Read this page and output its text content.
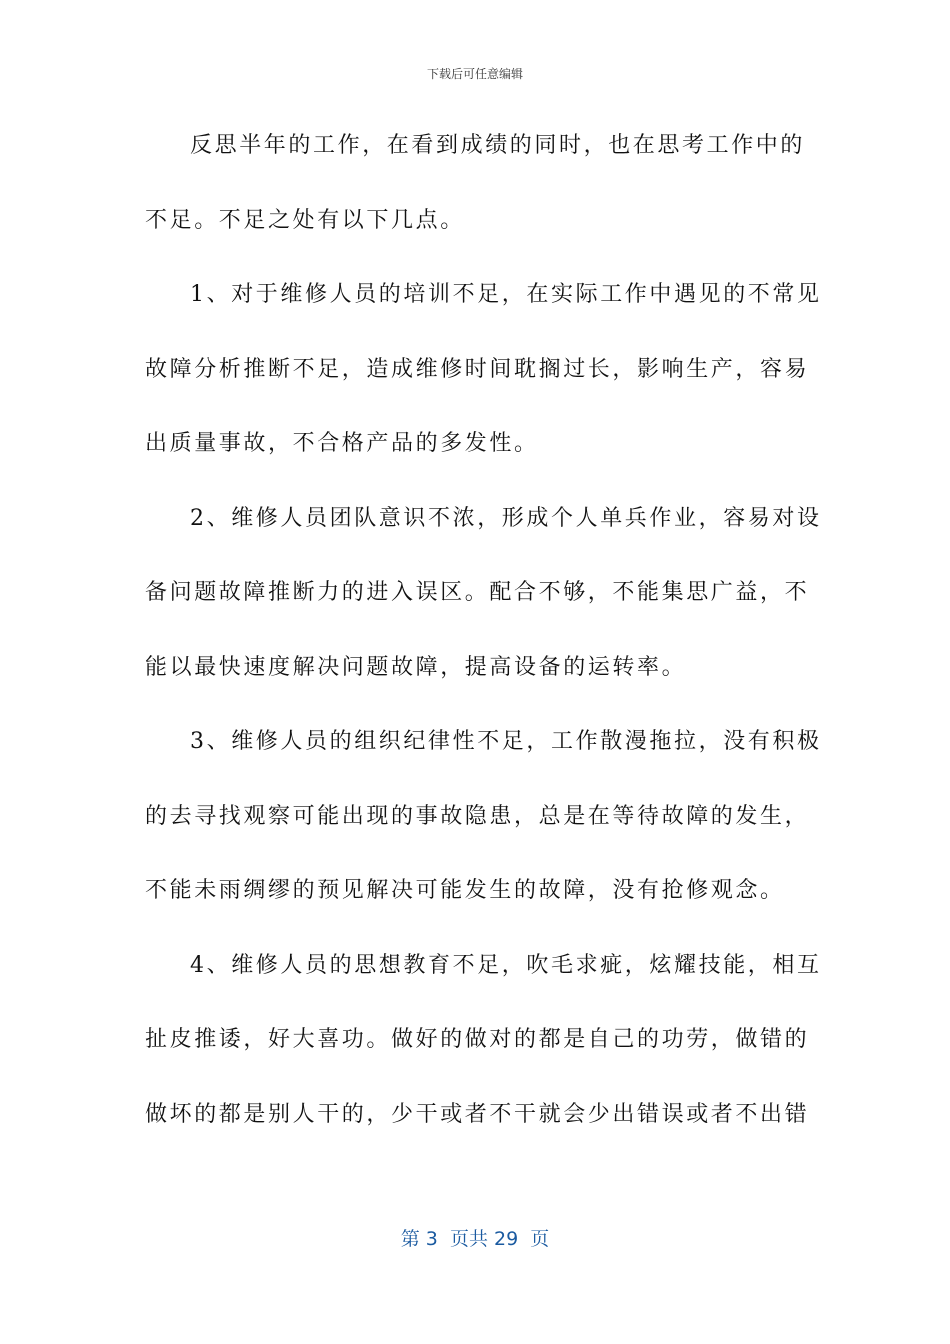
下载后可任意编辑
反思半年的工作，在看到成绩的同时，也在思考工作中的
不足。不足之处有以下几点。
1、对于维修人员的培训不足，在实际工作中遇见的不常见
故障分析推断不足，造成维修时间耽搁过长，影响生产，容易
出质量事故，不合格产品的多发性。
2、维修人员团队意识不浓，形成个人单兵作业，容易对设
备问题故障推断力的进入误区。配合不够，不能集思广益，不
能以最快速度解决问题故障，提高设备的运转率。
3、维修人员的组织纪律性不足，工作散漫拖拉，没有积极
的去寻找观察可能出现的事故隐患，总是在等待故障的发生，
不能未雨绸缪的预见解决可能发生的故障，没有抢修观念。
4、维修人员的思想教育不足，吹毛求疵，炫耀技能，相互
扯皮推诿，好大喜功。做好的做对的都是自己的功劳，做错的
做坏的都是别人干的，少干或者不干就会少出错误或者不出错
第 3  页共 29  页
